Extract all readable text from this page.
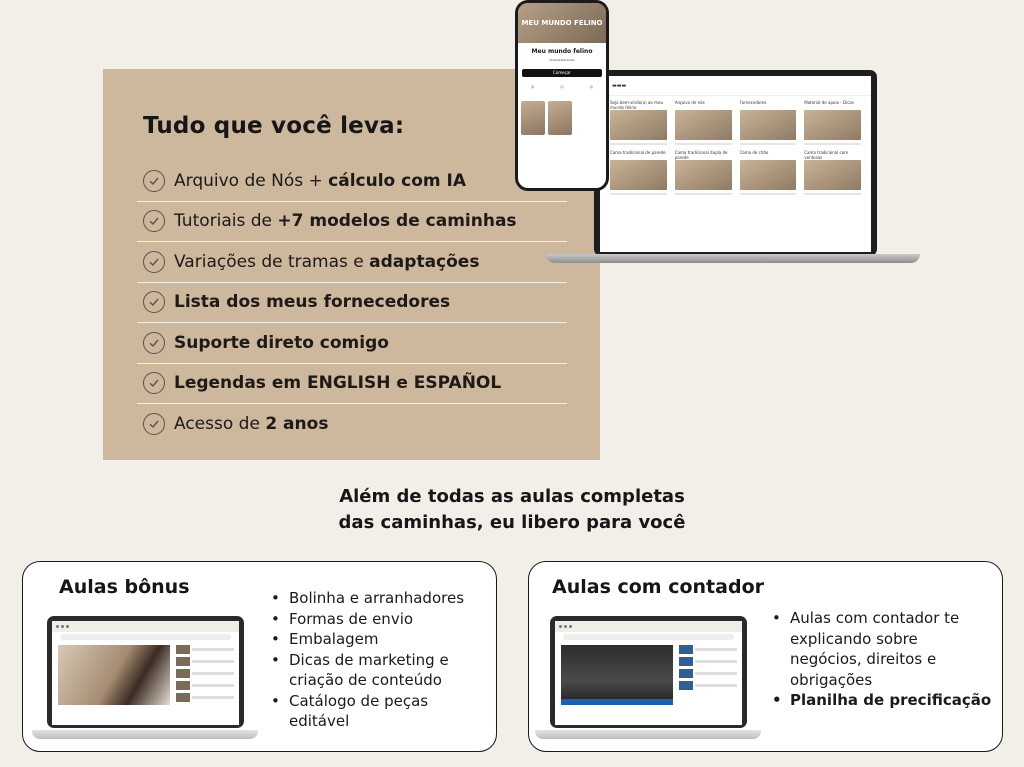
Tudo que você leva:
Arquivo de Nós + cálculo com IA
Tutoriais de +7 modelos de caminhas
Variações de tramas e adaptações
Lista dos meus fornecedores
Suporte direto comigo
Legendas em ENGLISH e ESPAÑOL
Acesso de 2 anos
▬▬▬
Seja bem-vindo(a) ao meu mundo felino
Arquivo de nós	Fornecedores	Material de apoio - Dicas
Cama tradicional de parede Cama tradicional dupla de parede
Cama de chão	Cama tradicional com ventosas
MEU MUNDO FELINO
Meu mundo felino
▬▬▬▬▬▬▬▬▬
Começar
◎	◎	◎
Além de todas as aulas completas
das caminhas, eu libero para você
Aulas bônus
•	Bolinha e arranhadores
• Formas de envio
• Embalagem
• Dicas de marketing e criação de conteúdo
• Catálogo de peças editável
Aulas com contador
• Aulas com contador te explicando sobre negócios, direitos e obrigações
• Planilha de precificação
